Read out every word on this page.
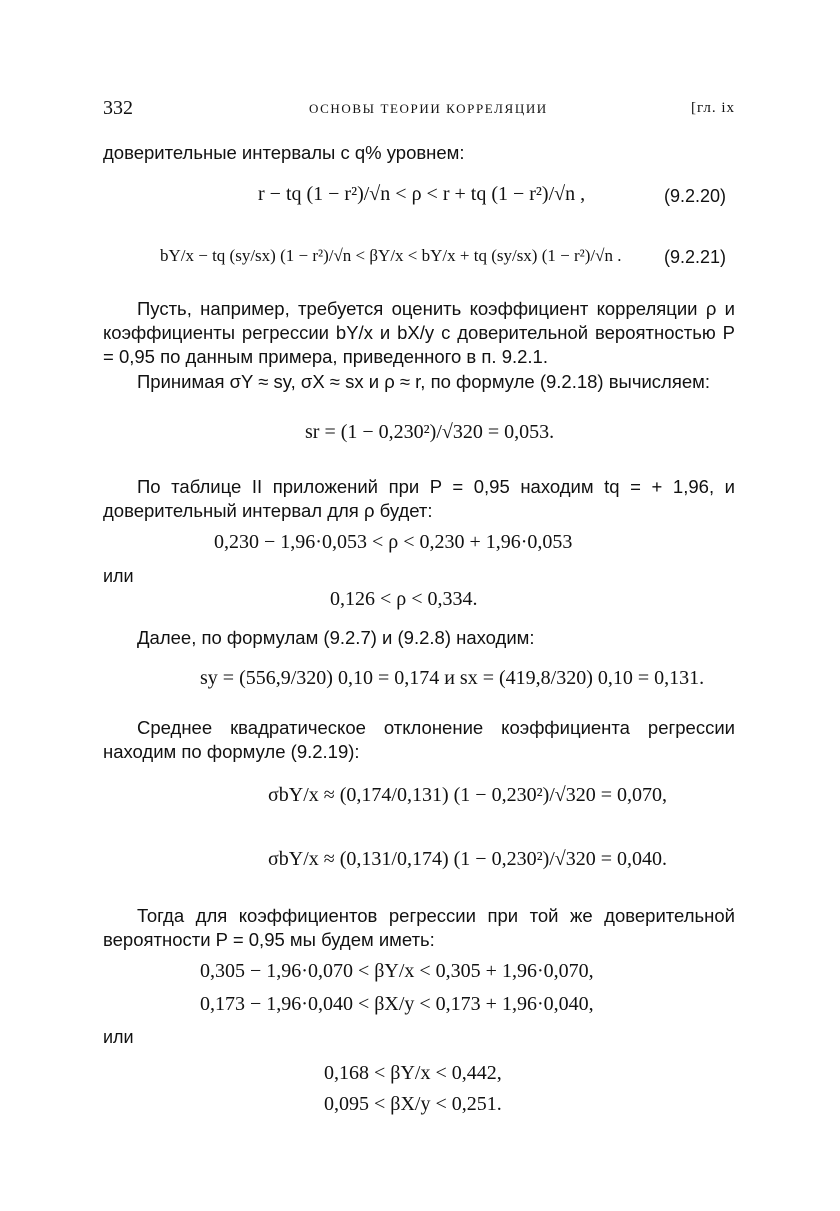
332	ОСНОВЫ ТЕОРИИ КОРРЕЛЯЦИИ	[гл. ix
доверительные интервалы с q% уровнем:
r − tq (1 − r²)/√n < ρ < r + tq (1 − r²)/√n ,	(9.2.20)
bY/x − tq (sy/sx) (1 − r²)/√n < βY/x < bY/x + tq (sy/sx) (1 − r²)/√n . (9.2.21)
Пусть, например, требуется оценить коэффициент корреляции ρ и коэффициенты регрессии bY/x и bX/y с доверительной вероятностью P = 0,95 по данным примера, приведенного в п. 9.2.1.
Принимая σY ≈ sy, σX ≈ sx и ρ ≈ r, по формуле (9.2.18) вычисляем:
sr = (1 − 0,230²)/√320 = 0,053.
По таблице II приложений при P = 0,95 находим tq = + 1,96, и доверительный интервал для ρ будет:
0,230 − 1,96·0,053 < ρ < 0,230 + 1,96·0,053
или
0,126 < ρ < 0,334.
Далее, по формулам (9.2.7) и (9.2.8) находим:
sy = (556,9/320) 0,10 = 0,174 и sx = (419,8/320) 0,10 = 0,131.
Среднее квадратическое отклонение коэффициента регрессии находим по формуле (9.2.19):
σbY/x ≈ (0,174/0,131) (1 − 0,230²)/√320 = 0,070,
σbY/x ≈ (0,131/0,174) (1 − 0,230²)/√320 = 0,040.
Тогда для коэффициентов регрессии при той же доверительной вероятности P = 0,95 мы будем иметь:
0,305 − 1,96·0,070 < βY/x < 0,305 + 1,96·0,070,
0,173 − 1,96·0,040 < βX/y < 0,173 + 1,96·0,040,
или
0,168 < βY/x < 0,442,
0,095 < βX/y < 0,251.
